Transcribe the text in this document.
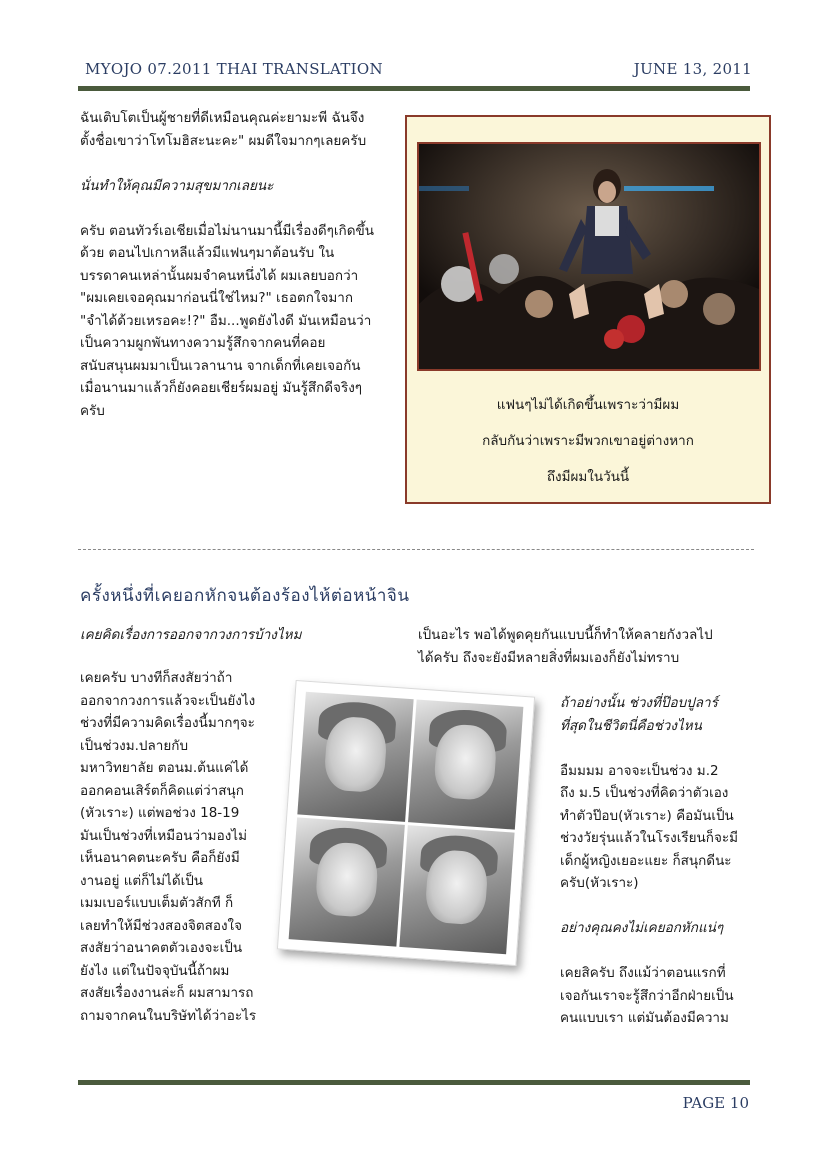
MYOJO 07.2011 THAI TRANSLATION	JUNE 13, 2011

ฉันเติบโตเป็นผู้ชายที่ดีเหมือนคุณค่ะยามะพี ฉันจึง

ตั้งชื่อเขาว่าโทโมฮิสะนะคะ" ผมดีใจมากๆเลยครับ

นั่นทำให้คุณมีความสุขมากเลยนะ

ครับ ตอนทัวร์เอเชียเมื่อไม่นานมานี้มีเรื่องดีๆเกิดขึ้น

ด้วย ตอนไปเกาหลีแล้วมีแฟนๆมาต้อนรับ ใน

บรรดาคนเหล่านั้นผมจำคนหนึ่งได้ ผมเลยบอกว่า

"ผมเคยเจอคุณมาก่อนนี่ใช่ไหม?" เธอตกใจมาก

"จำได้ด้วยเหรอคะ!?" อืม...พูดยังไงดี มันเหมือนว่า

เป็นความผูกพันทางความรู้สึกจากคนที่คอย

สนับสนุนผมมาเป็นเวลานาน จากเด็กที่เคยเจอกัน

เมื่อนานมาแล้วก็ยังคอยเชียร์ผมอยู่ มันรู้สึกดีจริงๆ

ครับ	แฟนๆไม่ได้เกิดขึ้นเพราะว่ามีผม
กลับกันว่าเพราะมีพวกเขาอยู่ต่างหาก
ถึงมีผมในวันนี้
ครั้งหนึ่งที่เคยอกหักจนต้องร้องไห้ต่อหน้าจิน
เคยคิดเรื่องการออกจากวงการบ้างไหม

เคยครับ บางทีก็สงสัยว่าถ้า

ออกจากวงการแล้วจะเป็นยังไง

ช่วงที่มีความคิดเรื่องนี้มากๆจะ

เป็นช่วงม.ปลายกับ

มหาวิทยาลัย ตอนม.ต้นแค่ได้

ออกคอนเสิร์ตก็คิดแต่ว่าสนุก

(หัวเราะ) แต่พอช่วง 18-19

มันเป็นช่วงที่เหมือนว่ามองไม่

เห็นอนาคตนะครับ คือก็ยังมี

งานอยู่ แต่ก็ไม่ได้เป็น

เมมเบอร์แบบเต็มตัวสักที ก็

เลยทำให้มีช่วงสองจิตสองใจ

สงสัยว่าอนาคตตัวเองจะเป็น

ยังไง แต่ในปัจจุบันนี้ถ้าผม

สงสัยเรื่องงานล่ะก็ ผมสามารถ

ถามจากคนในบริษัทได้ว่าอะไร

เป็นอะไร พอได้พูดคุยกันแบบนี้ก็ทำให้คลายกังวลไป

ได้ครับ ถึงจะยังมีหลายสิ่งที่ผมเองก็ยังไม่ทราบ

ถ้าอย่างนั้น ช่วงที่ป๊อบปูลาร์

ที่สุดในชีวิตนี่คือช่วงไหน

อืมมมม อาจจะเป็นช่วง ม.2

ถึง ม.5 เป็นช่วงที่คิดว่าตัวเอง

ทำตัวป๊อบ(หัวเราะ) คือมันเป็น

ช่วงวัยรุ่นแล้วในโรงเรียนก็จะมี

เด็กผู้หญิงเยอะแยะ ก็สนุกดีนะ

ครับ(หัวเราะ)

อย่างคุณคงไม่เคยอกหักแน่ๆ

เคยสิครับ ถึงแม้ว่าตอนแรกที่

เจอกันเราจะรู้สึกว่าอีกฝ่ายเป็น

คนแบบเรา แต่มันต้องมีความ

PAGE 10
